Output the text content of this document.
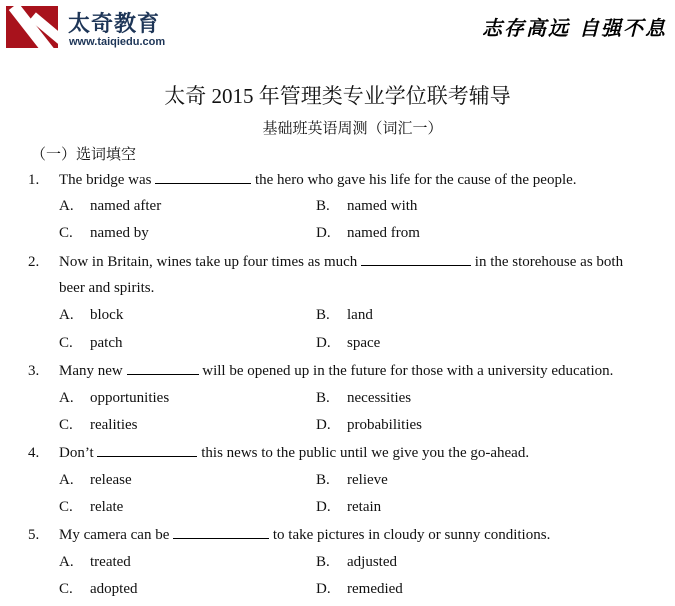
太奇教育
www.taiqiedu.com
志存高远 自强不息
太奇 2015 年管理类专业学位联考辅导
基础班英语周测（词汇一）
（一）选词填空
1. The bridge was	the hero who gave his life for the cause of the people.
A. named after	B. named with
C. named by	D. named from
2. Now in Britain, wines take up four times as much	in the storehouse as both
beer and spirits.
A. block	B. land
C. patch	D. space
3. Many new	will be opened up in the future for those with a university education.
A. opportunities	B. necessities
C. realities	D. probabilities
4. Don’t	this news to the public until we give you the go-ahead.
A. release	B. relieve
C. relate	D. retain
5. My camera can be	to take pictures in cloudy or sunny conditions.
A. treated	B. adjusted
C. adopted	D. remedied
